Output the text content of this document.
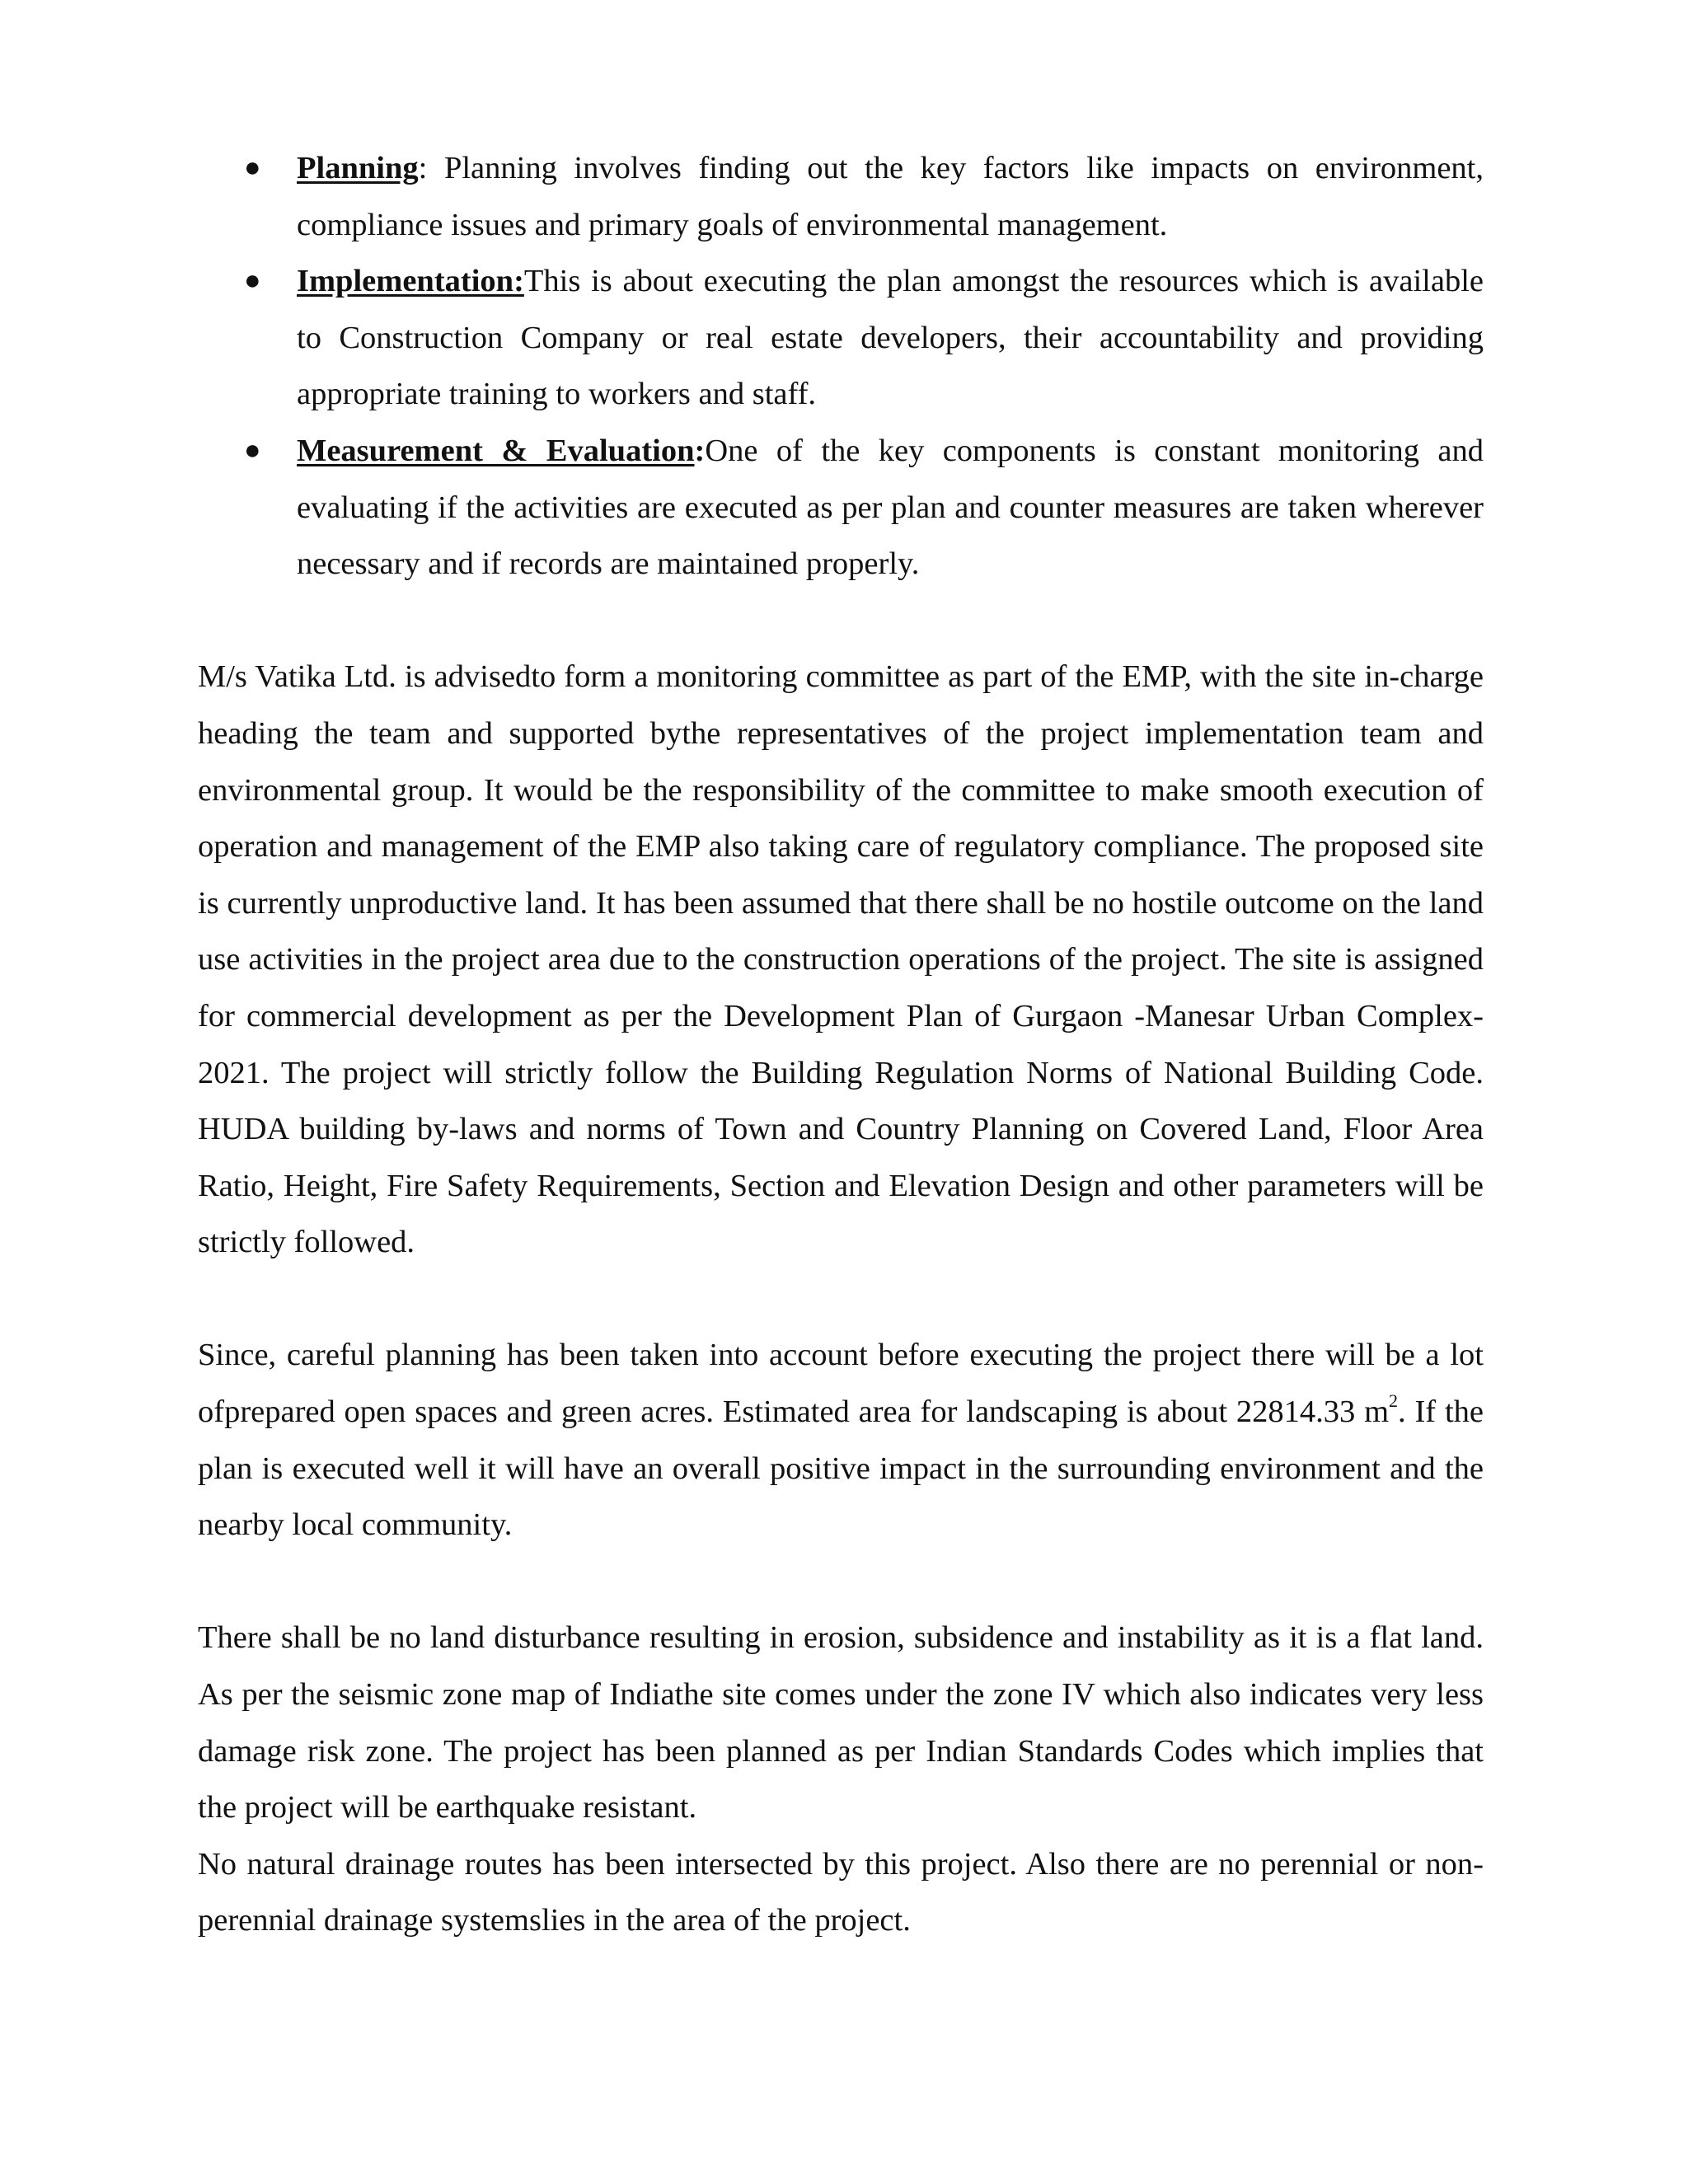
● Planning: Planning involves finding out the key factors like impacts on environment, compliance issues and primary goals of environmental management.
● Implementation:This is about executing the plan amongst the resources which is available to Construction Company or real estate developers, their accountability and providing appropriate training to workers and staff.
● Measurement & Evaluation:One of the key components is constant monitoring and evaluating if the activities are executed as per plan and counter measures are taken wherever necessary and if records are maintained properly.

M/s Vatika Ltd. is advisedto form a monitoring committee as part of the EMP, with the site in-charge heading the team and supported bythe representatives of the project implementation team and environmental group. It would be the responsibility of the committee to make smooth execution of operation and management of the EMP also taking care of regulatory compliance. The proposed site is currently unproductive land. It has been assumed that there shall be no hostile outcome on the land use activities in the project area due to the construction operations of the project. The site is assigned for commercial development as per the Development Plan of Gurgaon -Manesar Urban Complex-2021. The project will strictly follow the Building Regulation Norms of National Building Code. HUDA building by-laws and norms of Town and Country Planning on Covered Land, Floor Area Ratio, Height, Fire Safety Requirements, Section and Elevation Design and other parameters will be strictly followed.

Since, careful planning has been taken into account before executing the project there will be a lot ofprepared open spaces and green acres. Estimated area for landscaping is about 22814.33 $m^2$. If the plan is executed well it will have an overall positive impact in the surrounding environment and the nearby local community.

There shall be no land disturbance resulting in erosion, subsidence and instability as it is a flat land. As per the seismic zone map of Indiathe site comes under the zone IV which also indicates very less damage risk zone. The project has been planned as per Indian Standards Codes which implies that the project will be earthquake resistant.

No natural drainage routes has been intersected by this project. Also there are no perennial or non-perennial drainage systemslies in the area of the project.
